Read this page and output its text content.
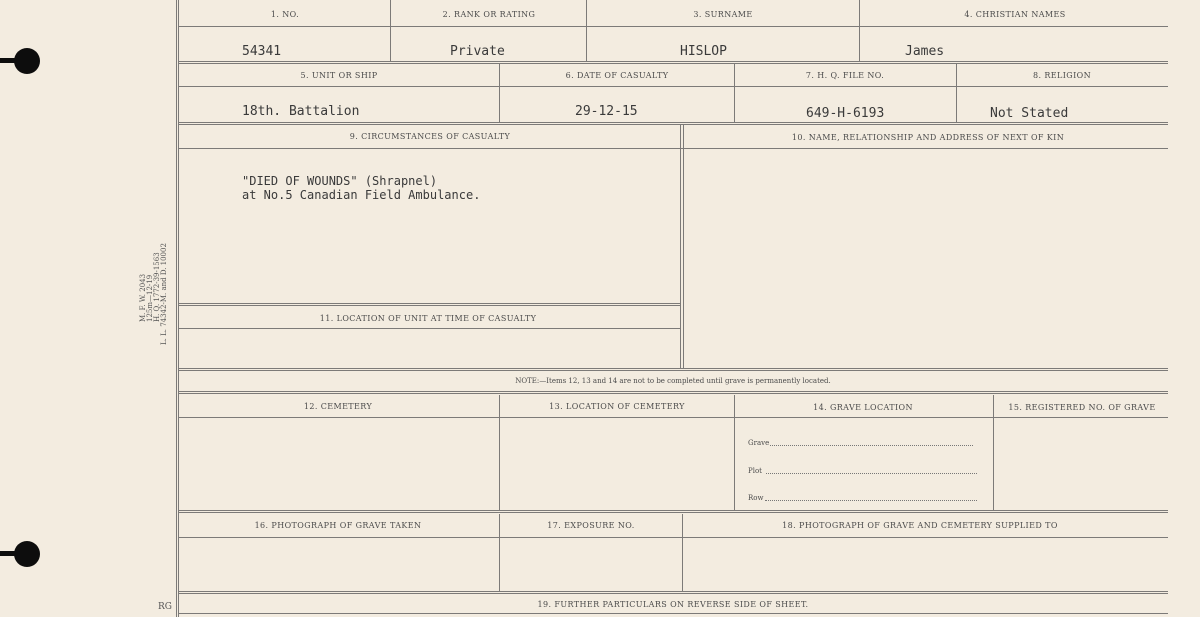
M. F. W. 2043 125m—12-19 H. Q. 1772-39-1563 L. L. 74342-M. and D. 10002
RG
1. NO.	2. RANK OR RATING	3. SURNAME	4. CHRISTIAN NAMES
54341	Private	HISLOP	James
5. UNIT OR SHIP	6. DATE OF CASUALTY	7. H. Q. FILE NO.	8. RELIGION
18th. Battalion	29-12-15	649-H-6193	Not Stated
9. CIRCUMSTANCES OF CASUALTY	10. NAME, RELATIONSHIP AND ADDRESS OF NEXT OF KIN
"DIED OF WOUNDS" (Shrapnel)
at No.5 Canadian Field Ambulance.
11. LOCATION OF UNIT AT TIME OF CASUALTY
NOTE:—Items 12, 13 and 14 are not to be completed until grave is permanently located.
12. CEMETERY	13. LOCATION OF CEMETERY	14. GRAVE LOCATION	15. REGISTERED NO. OF GRAVE
Grave
Plot
Row
16. PHOTOGRAPH OF GRAVE TAKEN	17. EXPOSURE NO.	18. PHOTOGRAPH OF GRAVE AND CEMETERY SUPPLIED TO
19. FURTHER PARTICULARS ON REVERSE SIDE OF SHEET.
